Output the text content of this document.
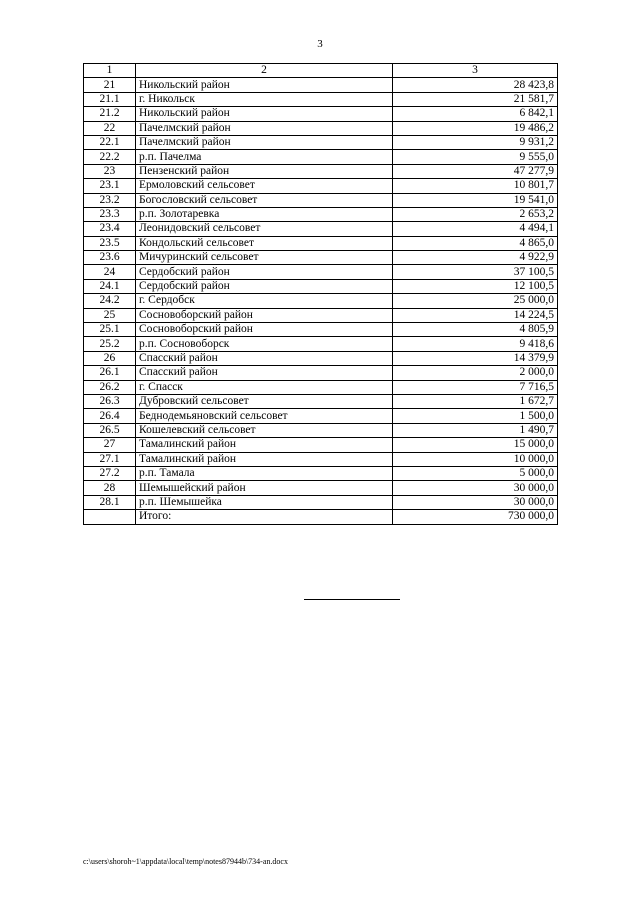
3
1	2	3
21	Никольский район	28 423,8
21.1	г. Никольск	21 581,7
21.2	Никольский район	6 842,1
22	Пачелмский район	19 486,2
22.1	Пачелмский район	9 931,2
22.2	р.п. Пачелма	9 555,0
23	Пензенский район	47 277,9
23.1	Ермоловский сельсовет	10 801,7
23.2	Богословский сельсовет	19 541,0
23.3	р.п. Золотаревка	2 653,2
23.4	Леонидовский сельсовет	4 494,1
23.5	Кондольский сельсовет	4 865,0
23.6	Мичуринский сельсовет	4 922,9
24	Сердобский район	37 100,5
24.1	Сердобский район	12 100,5
24.2	г. Сердобск	25 000,0
25	Сосновоборский район	14 224,5
25.1	Сосновоборский район	4 805,9
25.2	р.п. Сосновоборск	9 418,6
26	Спасский район	14 379,9
26.1	Спасский район	2 000,0
26.2	г. Спасск	7 716,5
26.3	Дубровский сельсовет	1 672,7
26.4	Беднодемьяновский сельсовет	1 500,0
26.5	Кошелевский сельсовет	1 490,7
27	Тамалинский район	15 000,0
27.1	Тамалинский район	10 000,0
27.2	р.п. Тамала	5 000,0
28	Шемышейский район	30 000,0
28.1	р.п. Шемышейка	30 000,0
	Итого:	730 000,0
c:\users\shoroh~1\appdata\local\temp\notes87944b\734-an.docx
